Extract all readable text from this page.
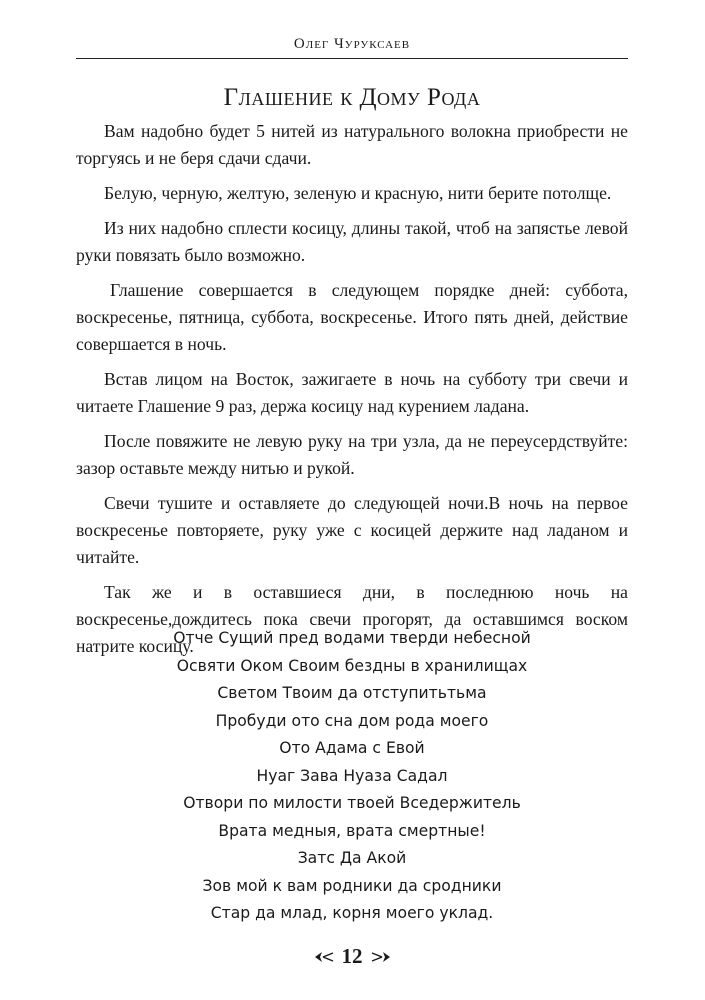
Олег Чуруксаев
Глашение к Дому Рода

Вам надобно будет 5 нитей из натурального волокна приобрести не торгуясь и не беря сдачи сдачи.

Белую, черную, желтую, зеленую и красную, нити берите потолще.

Из них надобно сплести косицу, длины такой, чтоб на запястье левой руки повязать было возможно.

Глашение совершается в следующем порядке дней: суббота, воскресенье, пятница, суббота, воскресенье. Итого пять дней, действие совершается в ночь.

Встав лицом на Восток, зажигаете в ночь на субботу три свечи и читаете Глашение 9 раз, держа косицу над курением ладана.

После повяжите не левую руку на три узла, да не переусердствуйте: зазор оставьте между нитью и рукой.

Свечи тушите и оставляете до следующей ночи.В ночь на первое воскресенье повторяете, руку уже с косицей держите над ладаном и читайте.

Так же и в оставшиеся дни, в последнюю ночь на воскресенье,дождитесь пока свечи прогорят, да оставшимся воском натрите косицу.

Отче Сущий пред водами тверди небесной
Освяти Оком Своим бездны в хранилищах
Светом Твоим да отступитьтьма
Пробуди ото сна дом рода моего
Ото Адама с Евой
Нуаг Зава Нуаза Садал
Отвори по милости твоей Вседержитель
Врата медныя, врата смертные!
Затс Да Акой
Зов мой к вам родники да сродники
Стар да млад, корня моего уклад.
12
